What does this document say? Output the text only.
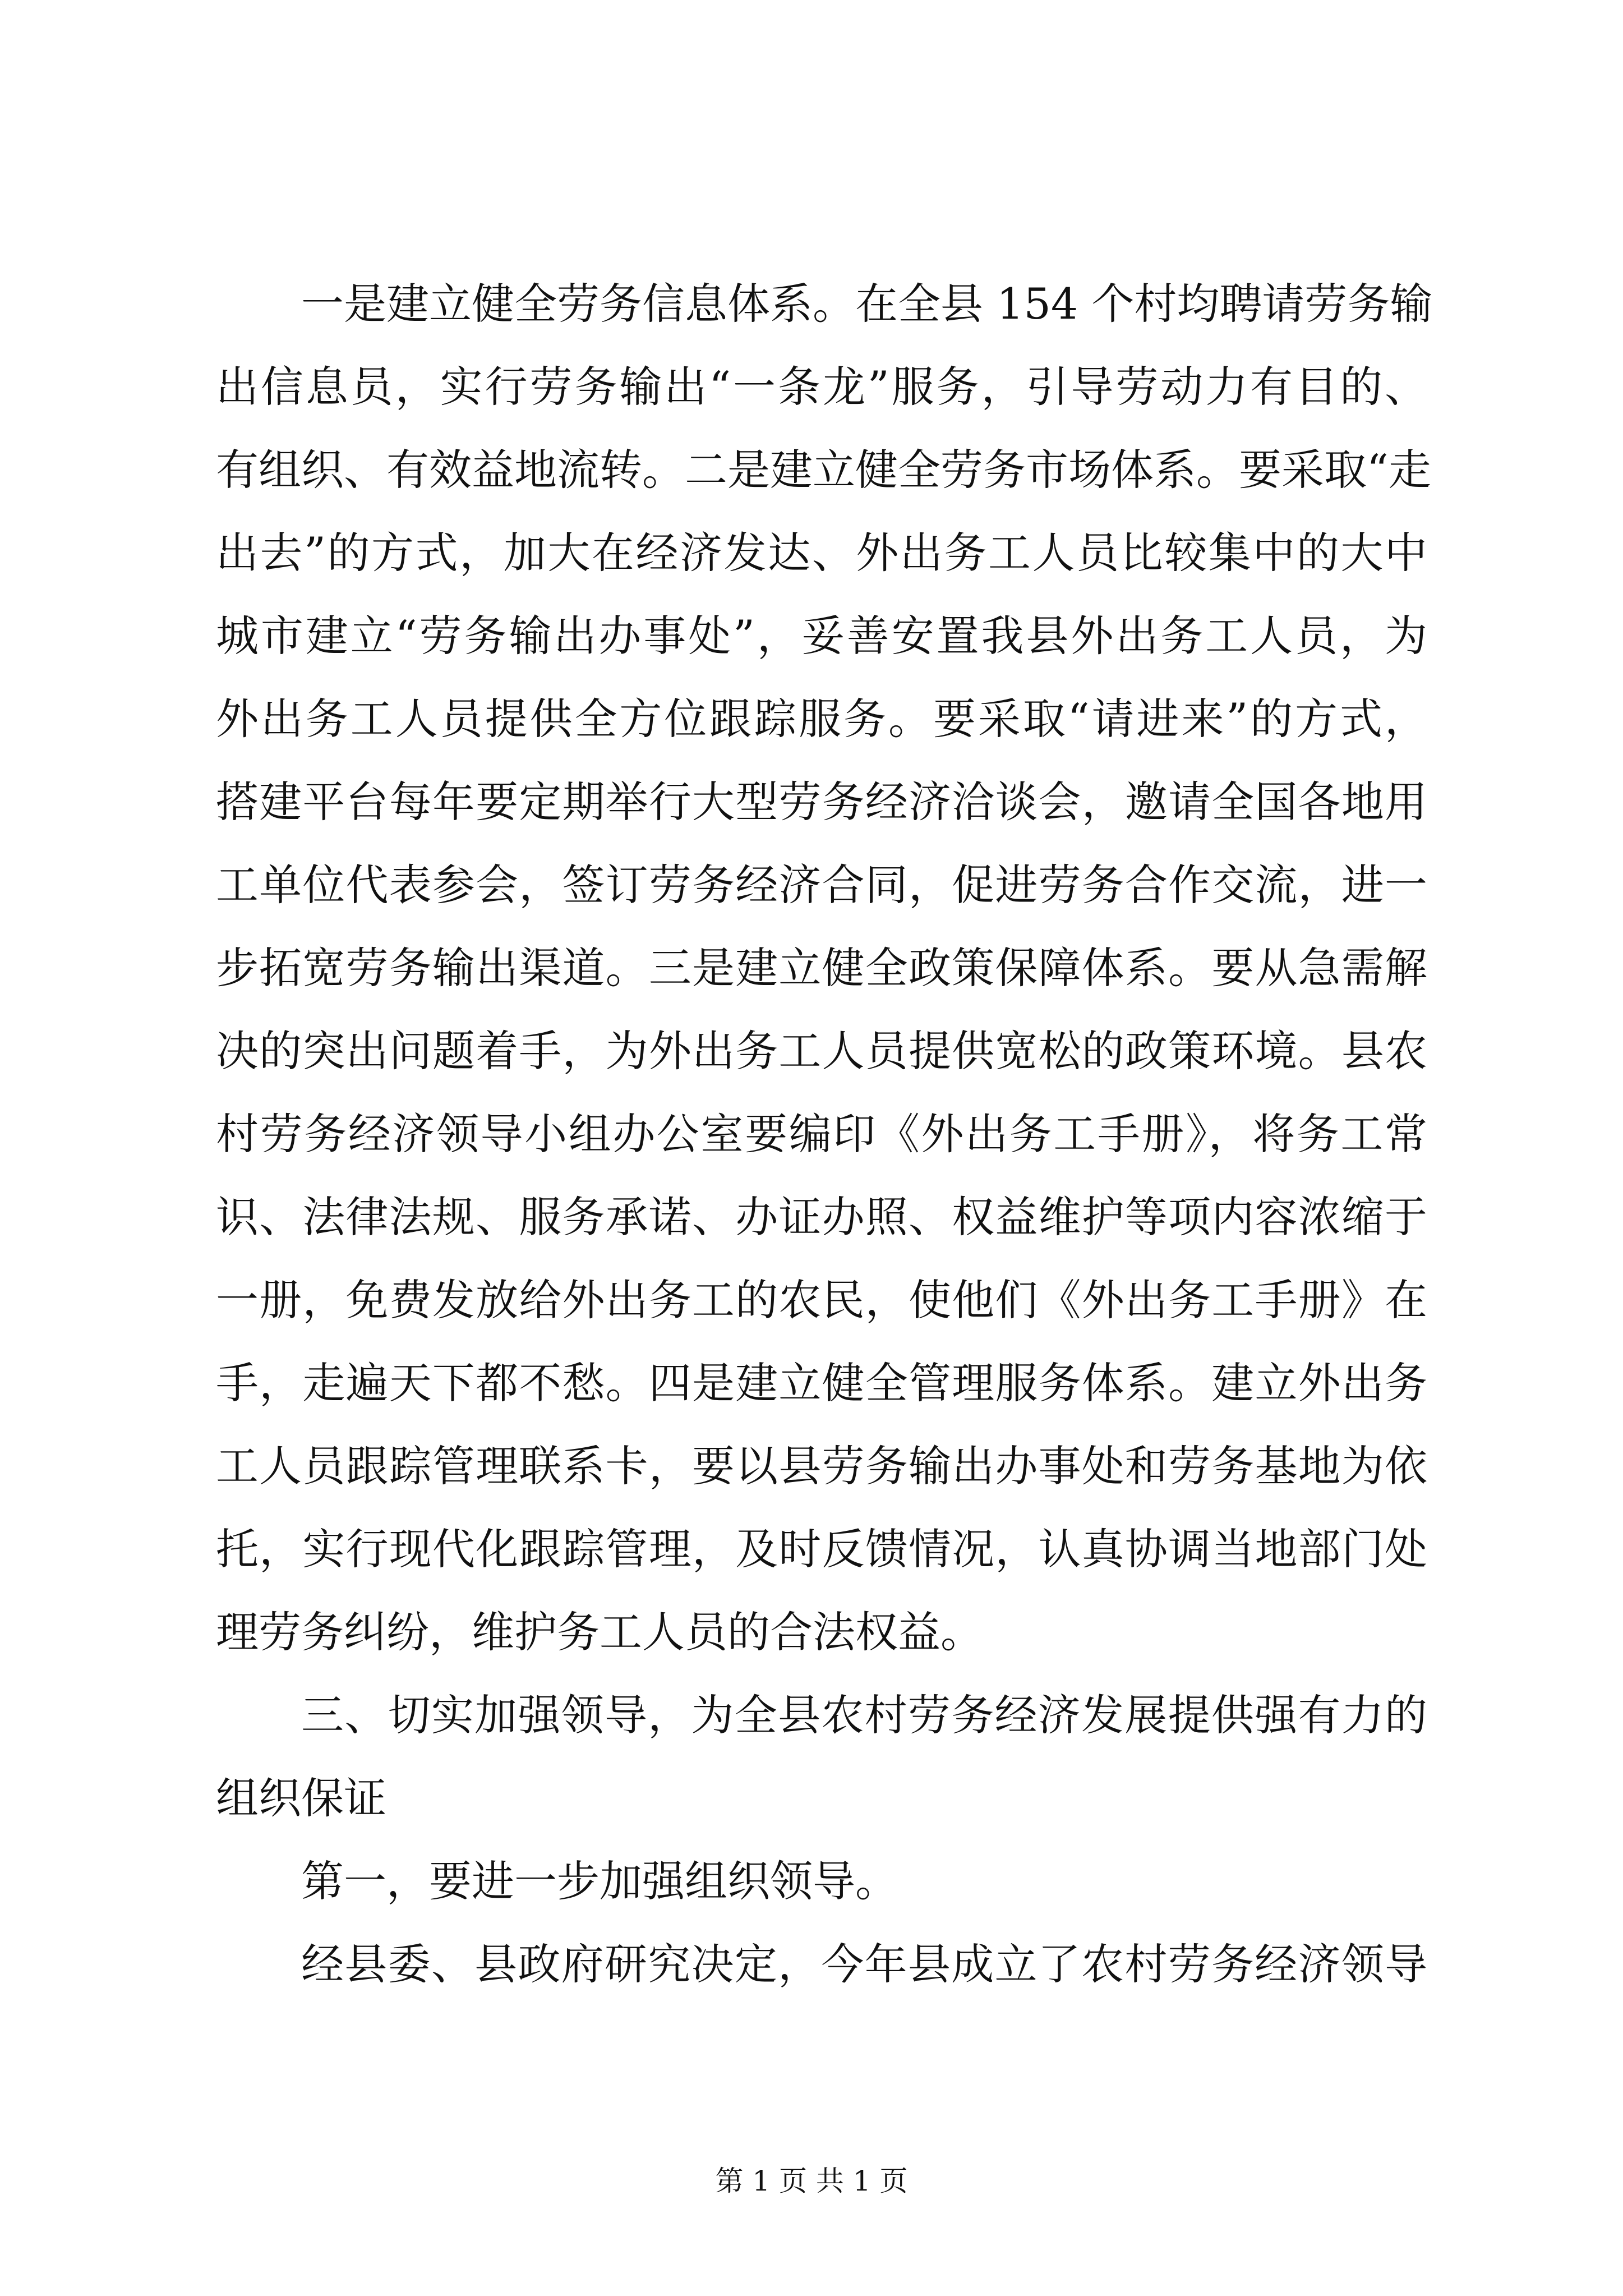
一是建立健全劳务信息体系。在全县 154 个村均聘请劳务输
出信息员，实行劳务输出“一条龙”服务，引导劳动力有目的、
有组织、有效益地流转。二是建立健全劳务市场体系。要采取“走
出去”的方式，加大在经济发达、外出务工人员比较集中的大中
城市建立“劳务输出办事处”，妥善安置我县外出务工人员，为
外出务工人员提供全方位跟踪服务。要采取“请进来”的方式，
搭建平台每年要定期举行大型劳务经济洽谈会，邀请全国各地用
工单位代表参会，签订劳务经济合同，促进劳务合作交流，进一
步拓宽劳务输出渠道。三是建立健全政策保障体系。要从急需解
决的突出问题着手，为外出务工人员提供宽松的政策环境。县农
村劳务经济领导小组办公室要编印《外出务工手册》，将务工常
识、法律法规、服务承诺、办证办照、权益维护等项内容浓缩于
一册，免费发放给外出务工的农民，使他们《外出务工手册》在
手，走遍天下都不愁。四是建立健全管理服务体系。建立外出务
工人员跟踪管理联系卡，要以县劳务输出办事处和劳务基地为依
托，实行现代化跟踪管理，及时反馈情况，认真协调当地部门处
理劳务纠纷，维护务工人员的合法权益。
三、切实加强领导，为全县农村劳务经济发展提供强有力的
组织保证
第一，要进一步加强组织领导。
经县委、县政府研究决定，今年县成立了农村劳务经济领导
第 1 页 共 1 页
